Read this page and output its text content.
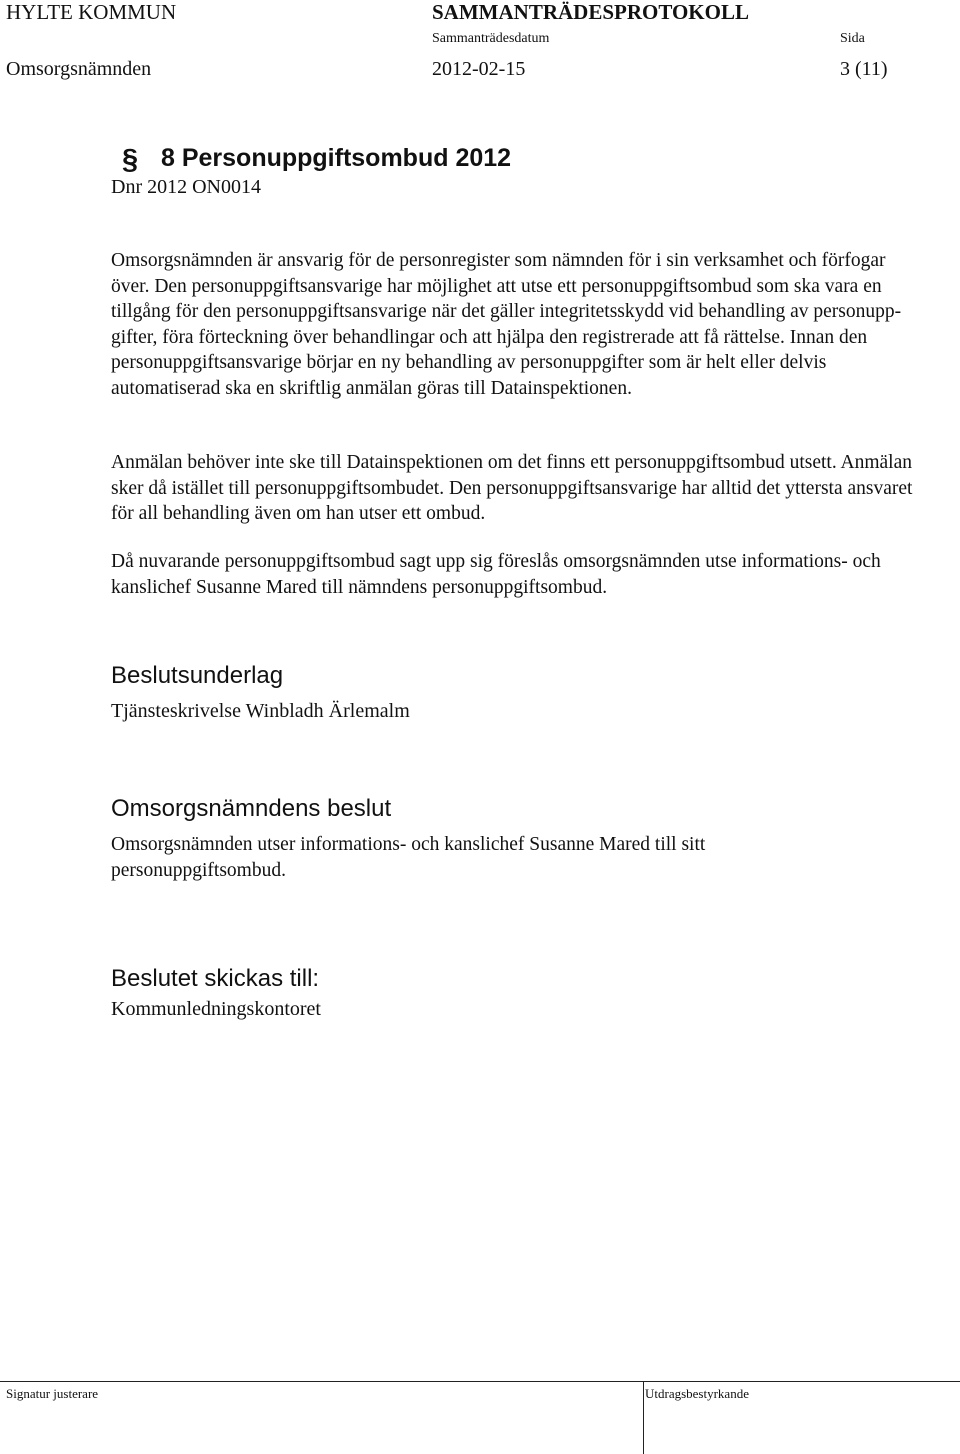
HYLTE KOMMUN	SAMMANTRÄDESPROTOKOLL
Sammanträdesdatum	Sida
Omsorgsnämnden	2012-02-15	3 (11)
§ 8 Personuppgiftsombud 2012
Dnr 2012 ON0014
Omsorgsnämnden är ansvarig för de personregister som nämnden för i sin verksamhet och förfogar över. Den personuppgiftsansvarige har möjlighet att utse ett personuppgiftsombud som ska vara en tillgång för den personuppgiftsansvarige när det gäller integritetsskydd vid behandling av personupp-gifter, föra förteckning över behandlingar och att hjälpa den registrerade att få rättelse. Innan den personuppgiftsansvarige börjar en ny behandling av personuppgifter som är helt eller delvis automatiserad ska en skriftlig anmälan göras till Datainspektionen.
Anmälan behöver inte ske till Datainspektionen om det finns ett personuppgiftsombud utsett. Anmälan sker då istället till personuppgiftsombudet. Den personuppgiftsansvarige har alltid det yttersta ansvaret för all behandling även om han utser ett ombud.
Då nuvarande personuppgiftsombud sagt upp sig föreslås omsorgsnämnden utse informations- och kanslichef Susanne Mared till nämndens personuppgiftsombud.
Beslutsunderlag
Tjänsteskrivelse Winbladh Ärlemalm
Omsorgsnämndens beslut
Omsorgsnämnden utser informations- och kanslichef Susanne Mared till sitt personuppgiftsombud.
Beslutet skickas till:
Kommunledningskontoret
Signatur justerare	Utdragsbestyrkande
